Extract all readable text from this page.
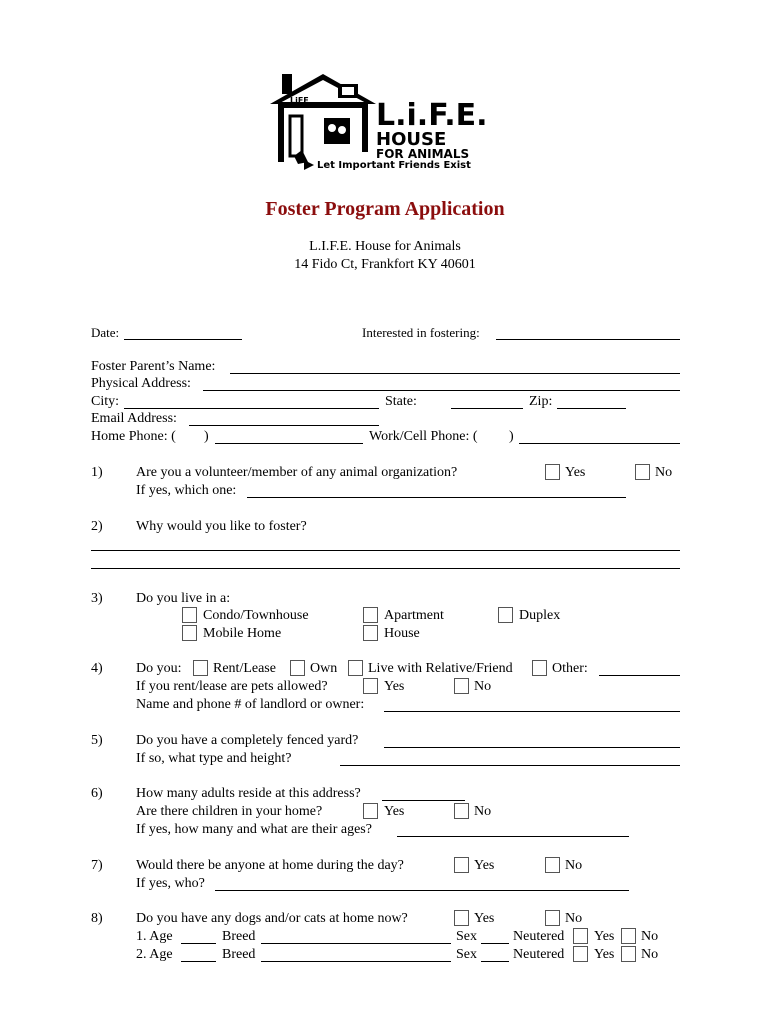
LiFE L.i.F.E.
HOUSE
FOR ANIMALS
Let Important Friends Exist
Foster Program Application
L.I.F.E. House for Animals
14 Fido Ct, Frankfort KY 40601
Date:	Interested in fostering:
Foster Parent’s Name:
Physical Address:
City:	State:	Zip:
Email Address:
Home Phone: ( )	Work/Cell Phone: ( )
1) Are you a volunteer/member of any animal organization?	Yes	No
If yes, which one:
2) Why would you like to foster?
3) Do you live in a:
Condo/Townhouse	Apartment	Duplex
Mobile Home	House
4) Do you: Rent/Lease Own Live with Relative/Friend	Other:
If you rent/lease are pets allowed?	Yes	No
Name and phone # of landlord or owner:
5) Do you have a completely fenced yard?
If so, what type and height?
6) How many adults reside at this address?
Are there children in your home?	Yes	No
If yes, how many and what are their ages?
7) Would there be anyone at home during the day?	Yes	No
If yes, who?
8) Do you have any dogs and/or cats at home now?	Yes	No
1. Age	Breed	Sex	Neutered Yes No
2. Age	Breed	Sex	Neutered Yes No
